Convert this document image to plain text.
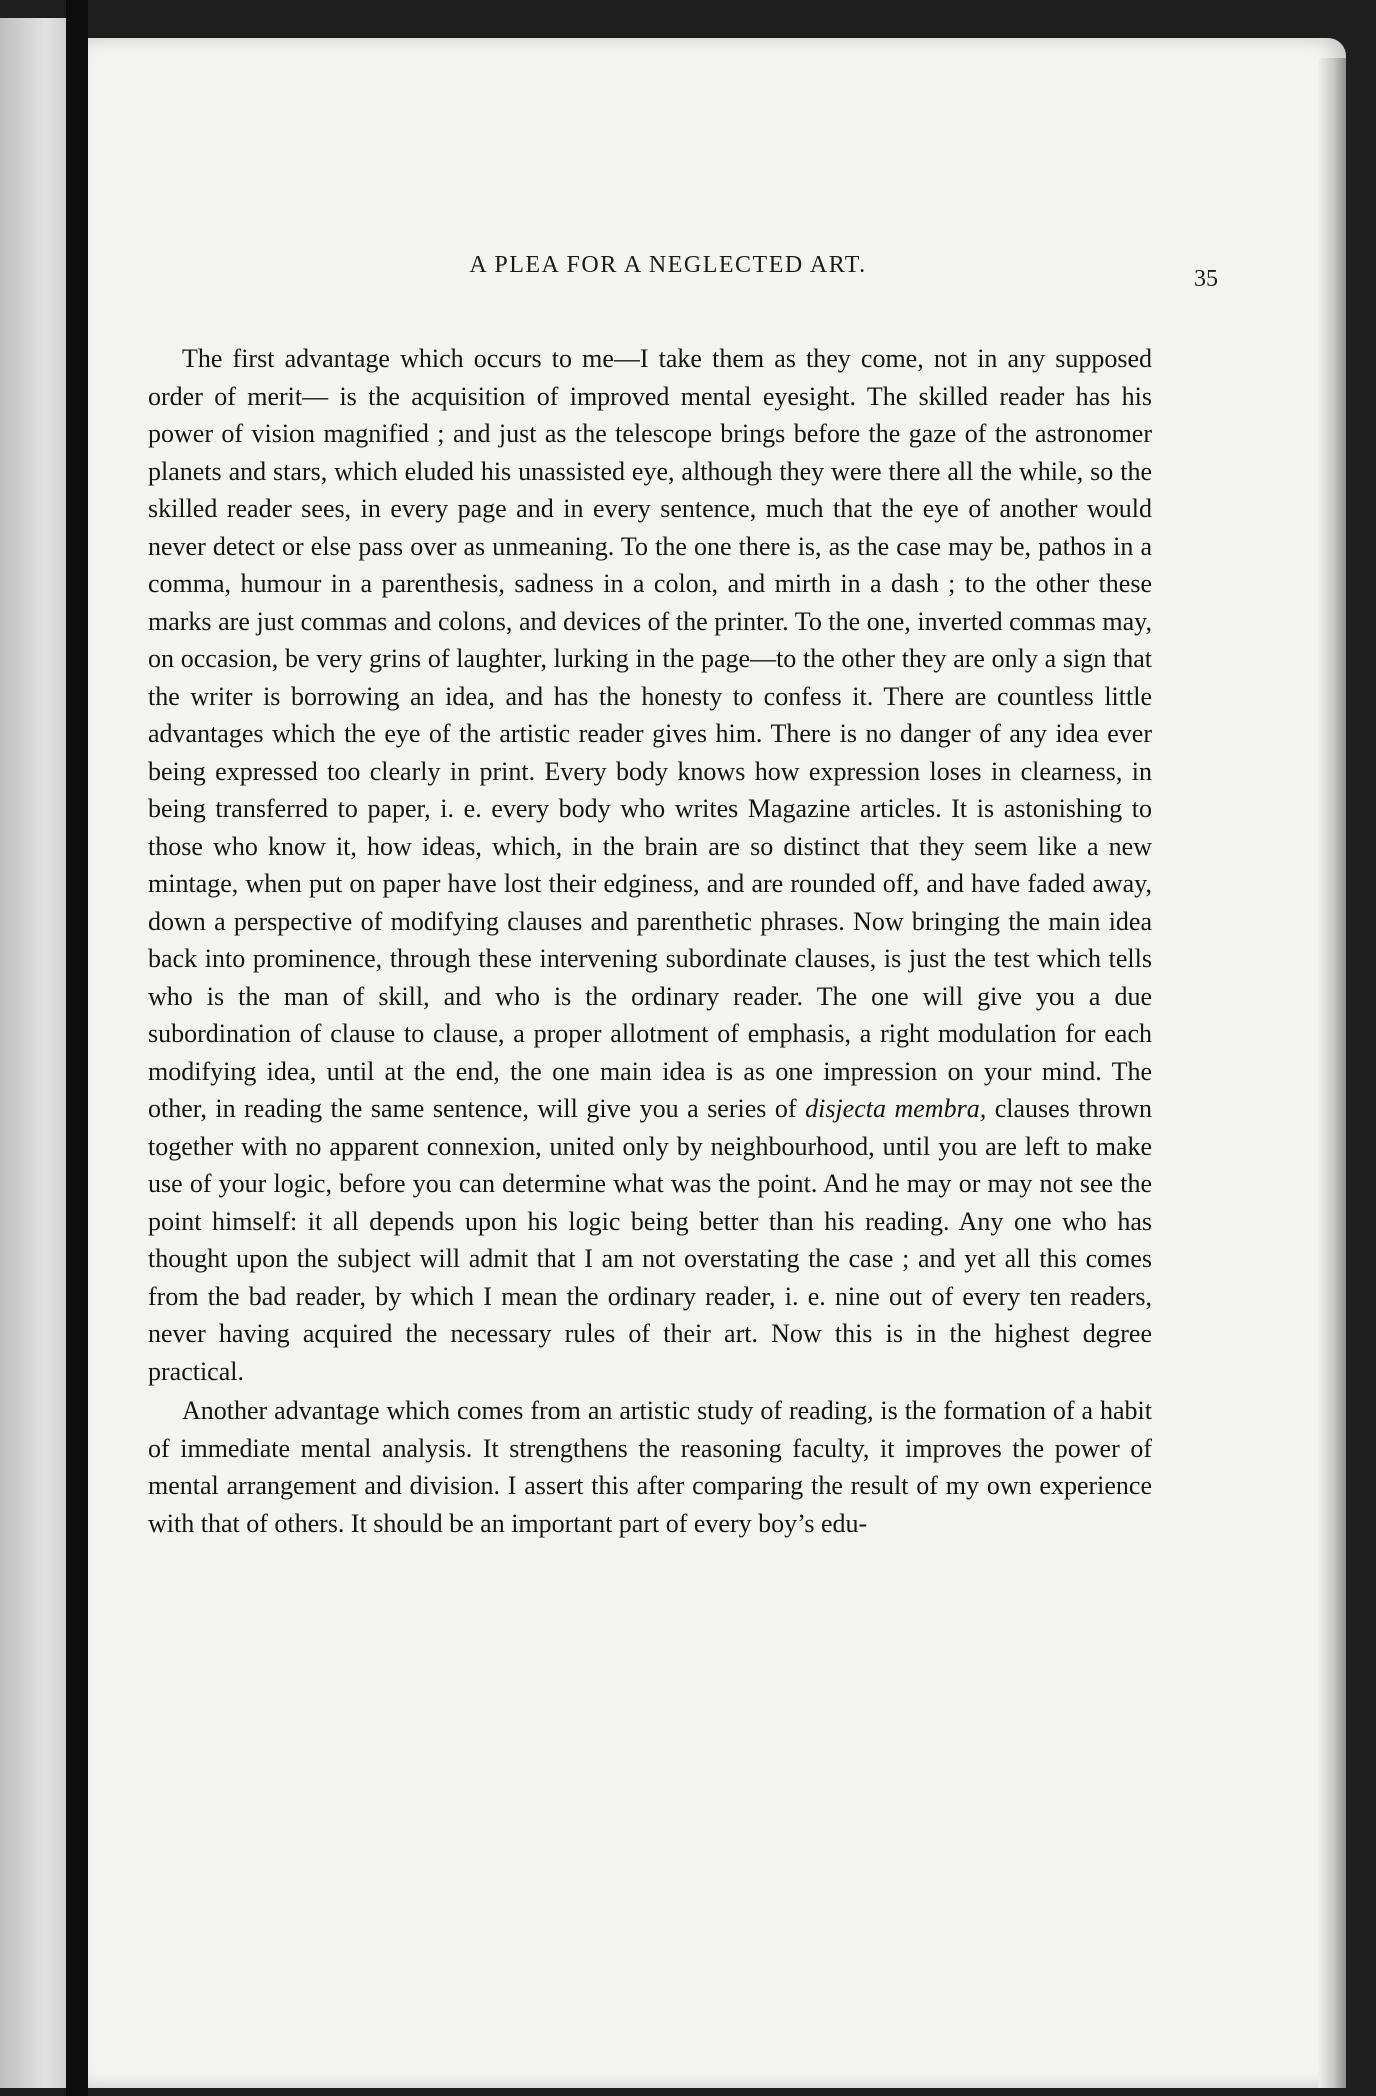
A PLEA FOR A NEGLECTED ART.
35

The first advantage which occurs to me—I take them as they come, not in any supposed order of merit— is the acquisition of improved mental eyesight. The skilled reader has his power of vision magnified ; and just as the telescope brings before the gaze of the astronomer planets and stars, which eluded his unassisted eye, although they were there all the while, so the skilled reader sees, in every page and in every sentence, much that the eye of another would never detect or else pass over as unmeaning. To the one there is, as the case may be, pathos in a comma, humour in a parenthesis, sadness in a colon, and mirth in a dash ; to the other these marks are just commas and colons, and devices of the printer. To the one, inverted commas may, on occasion, be very grins of laughter, lurking in the page—to the other they are only a sign that the writer is borrowing an idea, and has the honesty to confess it. There are countless little advantages which the eye of the artistic reader gives him. There is no danger of any idea ever being expressed too clearly in print. Every body knows how expression loses in clearness, in being transferred to paper, i. e. every body who writes Magazine articles. It is astonishing to those who know it, how ideas, which, in the brain are so distinct that they seem like a new mintage, when put on paper have lost their edginess, and are rounded off, and have faded away, down a perspective of modifying clauses and parenthetic phrases. Now bringing the main idea back into prominence, through these intervening subordinate clauses, is just the test which tells who is the man of skill, and who is the ordinary reader. The one will give you a due subordination of clause to clause, a proper allotment of emphasis, a right modulation for each modifying idea, until at the end, the one main idea is as one impression on your mind. The other, in reading the same sentence, will give you a series of disjecta membra, clauses thrown together with no apparent connexion, united only by neighbourhood, until you are left to make use of your logic, before you can determine what was the point. And he may or may not see the point himself: it all depends upon his logic being better than his reading. Any one who has thought upon the subject will admit that I am not overstating the case ; and yet all this comes from the bad reader, by which I mean the ordinary reader, i. e. nine out of every ten readers, never having acquired the necessary rules of their art. Now this is in the highest degree practical.

Another advantage which comes from an artistic study of reading, is the formation of a habit of immediate mental analysis. It strengthens the reasoning faculty, it improves the power of mental arrangement and division. I assert this after comparing the result of my own experience with that of others. It should be an important part of every boy’s edu-
